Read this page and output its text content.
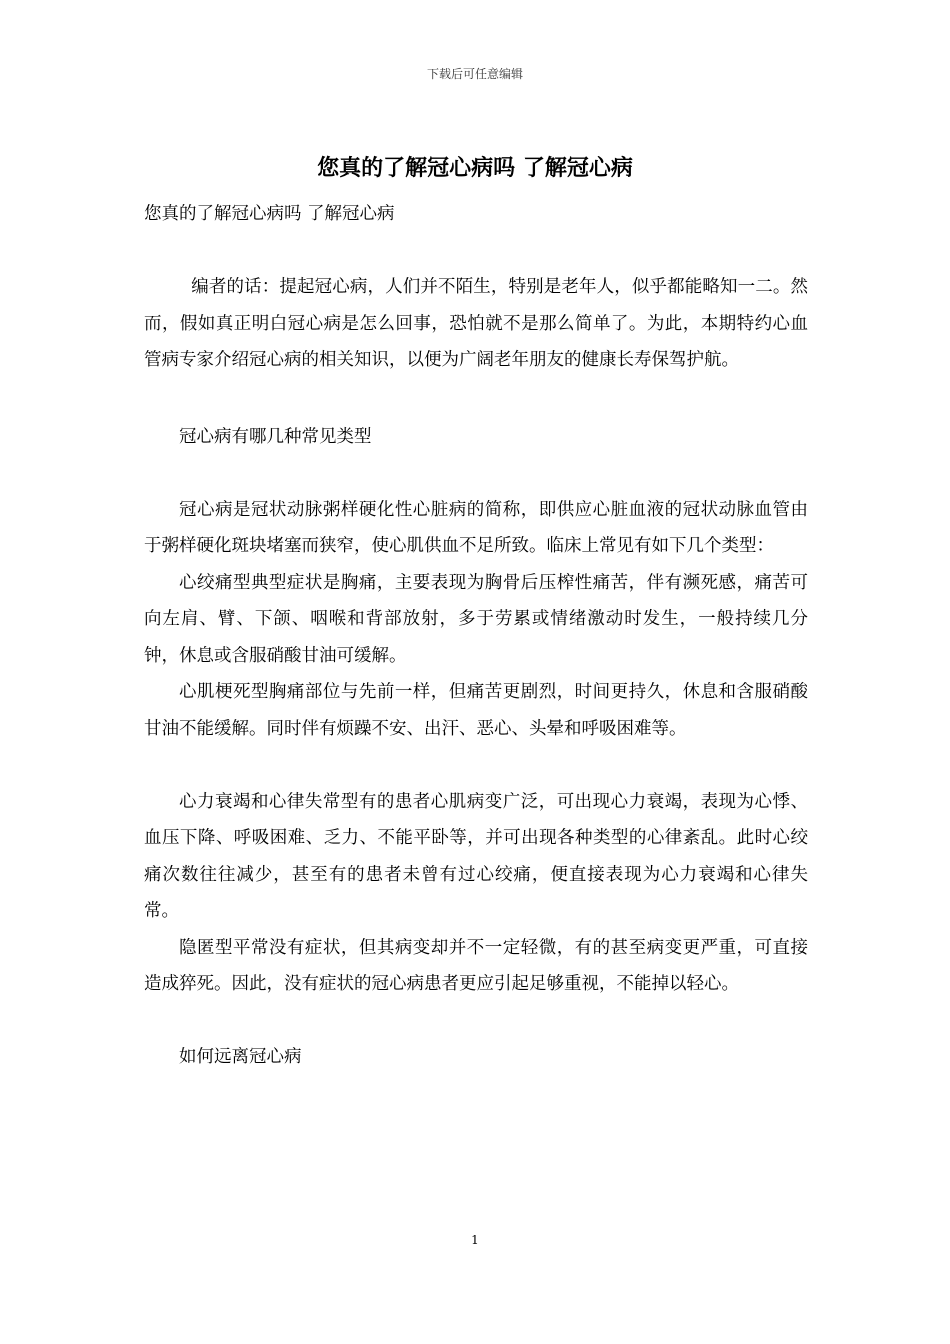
下载后可任意编辑
您真的了解冠心病吗 了解冠心病

您真的了解冠心病吗 了解冠心病

编者的话：提起冠心病，人们并不陌生，特别是老年人，似乎都能略知一二。然而，假如真正明白冠心病是怎么回事，恐怕就不是那么简单了。为此，本期特约心血管病专家介绍冠心病的相关知识，以便为广阔老年朋友的健康长寿保驾护航。

冠心病有哪几种常见类型

冠心病是冠状动脉粥样硬化性心脏病的简称，即供应心脏血液的冠状动脉血管由于粥样硬化斑块堵塞而狭窄，使心肌供血不足所致。临床上常见有如下几个类型：

心绞痛型典型症状是胸痛，主要表现为胸骨后压榨性痛苦，伴有濒死感，痛苦可向左肩、臂、下颌、咽喉和背部放射，多于劳累或情绪激动时发生，一般持续几分钟，休息或含服硝酸甘油可缓解。

心肌梗死型胸痛部位与先前一样，但痛苦更剧烈，时间更持久，休息和含服硝酸甘油不能缓解。同时伴有烦躁不安、出汗、恶心、头晕和呼吸困难等。

心力衰竭和心律失常型有的患者心肌病变广泛，可出现心力衰竭，表现为心悸、血压下降、呼吸困难、乏力、不能平卧等，并可出现各种类型的心律紊乱。此时心绞痛次数往往减少，甚至有的患者未曾有过心绞痛，便直接表现为心力衰竭和心律失常。

隐匿型平常没有症状，但其病变却并不一定轻微，有的甚至病变更严重，可直接造成猝死。因此，没有症状的冠心病患者更应引起足够重视，不能掉以轻心。

如何远离冠心病

1
